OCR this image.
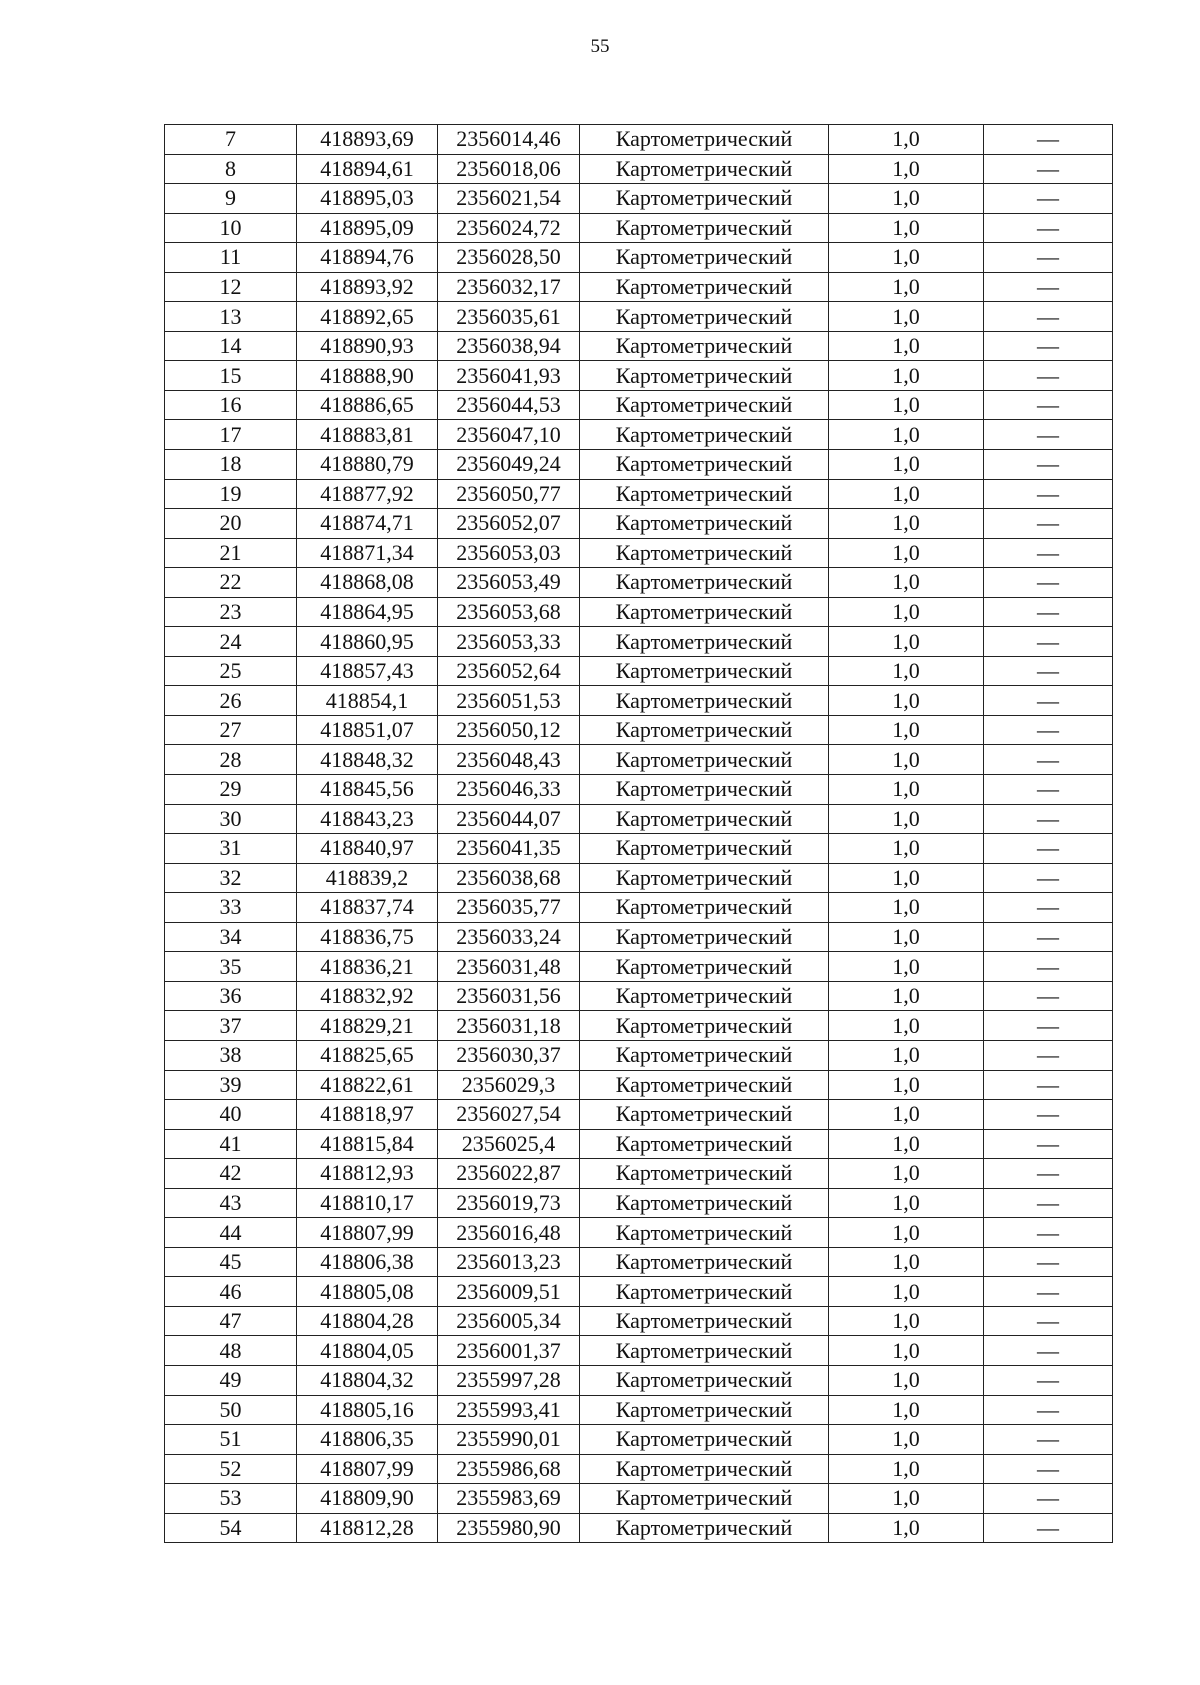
55
7	418893,69	2356014,46	Картометрический	1,0	—
8	418894,61	2356018,06	Картометрический	1,0	—
9	418895,03	2356021,54	Картометрический	1,0	—
10	418895,09	2356024,72	Картометрический	1,0	—
11	418894,76	2356028,50	Картометрический	1,0	—
12	418893,92	2356032,17	Картометрический	1,0	—
13	418892,65	2356035,61	Картометрический	1,0	—
14	418890,93	2356038,94	Картометрический	1,0	—
15	418888,90	2356041,93	Картометрический	1,0	—
16	418886,65	2356044,53	Картометрический	1,0	—
17	418883,81	2356047,10	Картометрический	1,0	—
18	418880,79	2356049,24	Картометрический	1,0	—
19	418877,92	2356050,77	Картометрический	1,0	—
20	418874,71	2356052,07	Картометрический	1,0	—
21	418871,34	2356053,03	Картометрический	1,0	—
22	418868,08	2356053,49	Картометрический	1,0	—
23	418864,95	2356053,68	Картометрический	1,0	—
24	418860,95	2356053,33	Картометрический	1,0	—
25	418857,43	2356052,64	Картометрический	1,0	—
26	418854,1	2356051,53	Картометрический	1,0	—
27	418851,07	2356050,12	Картометрический	1,0	—
28	418848,32	2356048,43	Картометрический	1,0	—
29	418845,56	2356046,33	Картометрический	1,0	—
30	418843,23	2356044,07	Картометрический	1,0	—
31	418840,97	2356041,35	Картометрический	1,0	—
32	418839,2	2356038,68	Картометрический	1,0	—
33	418837,74	2356035,77	Картометрический	1,0	—
34	418836,75	2356033,24	Картометрический	1,0	—
35	418836,21	2356031,48	Картометрический	1,0	—
36	418832,92	2356031,56	Картометрический	1,0	—
37	418829,21	2356031,18	Картометрический	1,0	—
38	418825,65	2356030,37	Картометрический	1,0	—
39	418822,61	2356029,3	Картометрический	1,0	—
40	418818,97	2356027,54	Картометрический	1,0	—
41	418815,84	2356025,4	Картометрический	1,0	—
42	418812,93	2356022,87	Картометрический	1,0	—
43	418810,17	2356019,73	Картометрический	1,0	—
44	418807,99	2356016,48	Картометрический	1,0	—
45	418806,38	2356013,23	Картометрический	1,0	—
46	418805,08	2356009,51	Картометрический	1,0	—
47	418804,28	2356005,34	Картометрический	1,0	—
48	418804,05	2356001,37	Картометрический	1,0	—
49	418804,32	2355997,28	Картометрический	1,0	—
50	418805,16	2355993,41	Картометрический	1,0	—
51	418806,35	2355990,01	Картометрический	1,0	—
52	418807,99	2355986,68	Картометрический	1,0	—
53	418809,90	2355983,69	Картометрический	1,0	—
54	418812,28	2355980,90	Картометрический	1,0	—
